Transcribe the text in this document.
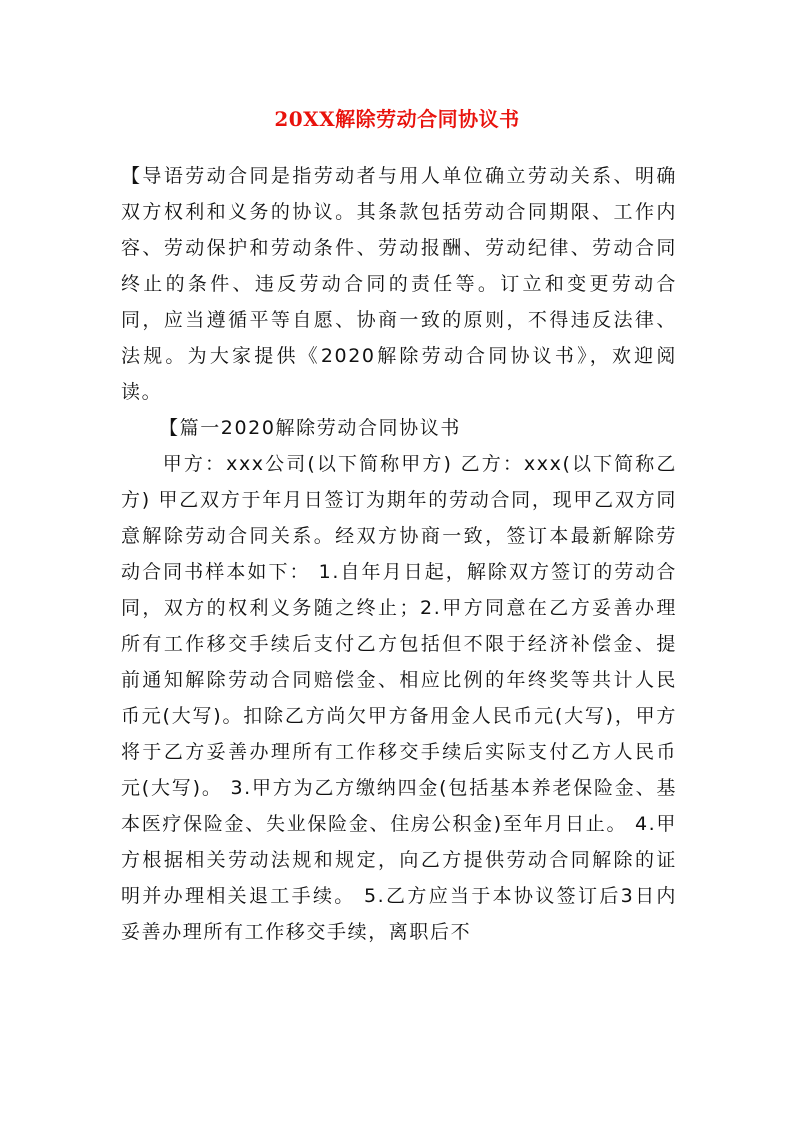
20XX解除劳动合同协议书

【导语劳动合同是指劳动者与用人单位确立劳动关系、明确双方权利和义务的协议。其条款包括劳动合同期限、工作内容、劳动保护和劳动条件、劳动报酬、劳动纪律、劳动合同终止的条件、违反劳动合同的责任等。订立和变更劳动合同，应当遵循平等自愿、协商一致的原则，不得违反法律、法规。为大家提供《2020解除劳动合同协议书》，欢迎阅读。

【篇一2020解除劳动合同协议书

甲方：xxx公司(以下简称甲方) 乙方：xxx(以下简称乙方) 甲乙双方于年月日签订为期年的劳动合同，现甲乙双方同意解除劳动合同关系。经双方协商一致，签订本最新解除劳动合同书样本如下： 1.自年月日起，解除双方签订的劳动合同，双方的权利义务随之终止；2.甲方同意在乙方妥善办理所有工作移交手续后支付乙方包括但不限于经济补偿金、提前通知解除劳动合同赔偿金、相应比例的年终奖等共计人民币元(大写)。扣除乙方尚欠甲方备用金人民币元(大写)，甲方将于乙方妥善办理所有工作移交手续后实际支付乙方人民币元(大写)。 3.甲方为乙方缴纳四金(包括基本养老保险金、基本医疗保险金、失业保险金、住房公积金)至年月日止。 4.甲方根据相关劳动法规和规定，向乙方提供劳动合同解除的证明并办理相关退工手续。 5.乙方应当于本协议签订后3日内妥善办理所有工作移交手续，离职后不
